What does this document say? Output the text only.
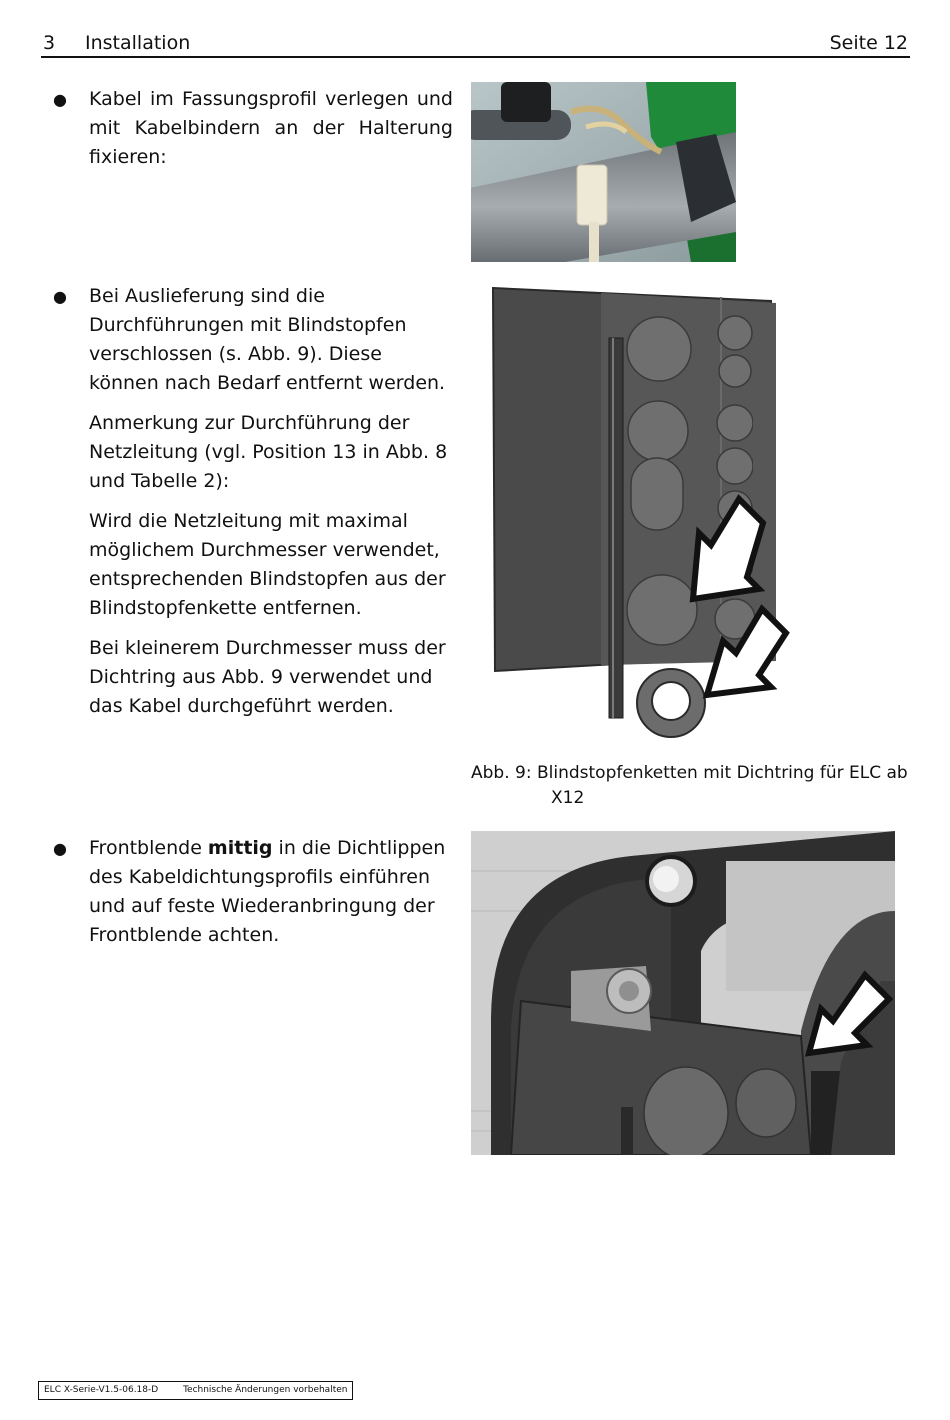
3 Installation	Seite 12
● Kabel im Fassungsprofil verlegen und mit Kabelbindern an der Halterung fixieren:
● Bei Auslieferung sind die Durchführungen mit Blindstopfen verschlossen (s. Abb. 9). Diese können nach Bedarf entfernt werden.
Anmerkung zur Durchführung der Netzleitung (vgl. Position 13 in Abb. 8 und Tabelle 2):
Wird die Netzleitung mit maximal möglichem Durchmesser verwendet, entsprechenden Blindstopfen aus der Blindstopfenkette entfernen.
Bei kleinerem Durchmesser muss der Dichtring aus Abb. 9 verwendet und das Kabel durchgeführt werden.
Abb. 9: Blindstopfenketten mit Dichtring für ELC ab
X12
● Frontblende mittig in die Dichtlippen des Kabeldichtungsprofils einführen und auf feste Wiederanbringung der Frontblende achten.
ELC X-Serie-V1.5-06.18-D	Technische Änderungen vorbehalten
